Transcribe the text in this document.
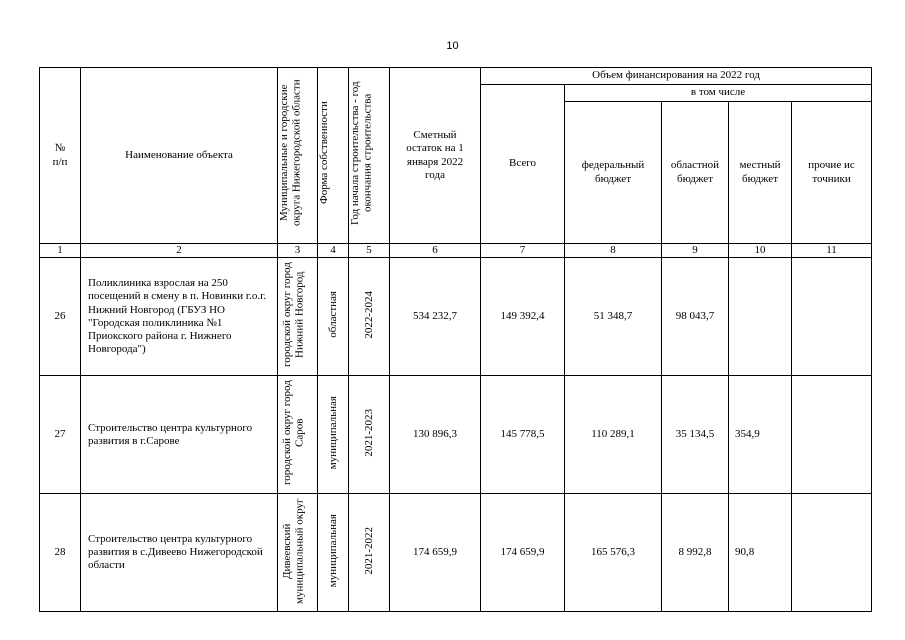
10
№
п/п	Наименование объекта	Муниципальные и городские округа Нижегородской области	Форма собственности	Год начала строительства - год окончания строительства	Сметный остаток на 1 января 2022 года	Объем финансирования на 2022 год				
						Всего	в том числе			
							федеральный бюджет	областной бюджет	местный бюджет	прочие источники
1	2	3	4	5	6	7	8	9	10	11
26	Поликлиника взрослая на 250 посещений в смену в п. Новинки г.о.г. Нижний Новгород (ГБУЗ НО "Городская поликлиника №1 Приокского района г. Нижнего Новгорода")	городской округ город Нижний Новгород	областная	2022-2024	534 232,7	149 392,4	51 348,7	98 043,7		
27	Строительство центра культурного развития в г.Сарове	городской округ город Саров	муниципальная	2021-2023	130 896,3	145 778,5	110 289,1	35 134,5	354,9	
28	Строительство центра культурного развития в с.Дивеево Нижегородской области	Дивеевский муниципальный округ	муниципальная	2021-2022	174 659,9	174 659,9	165 576,3	8 992,8	90,8	
